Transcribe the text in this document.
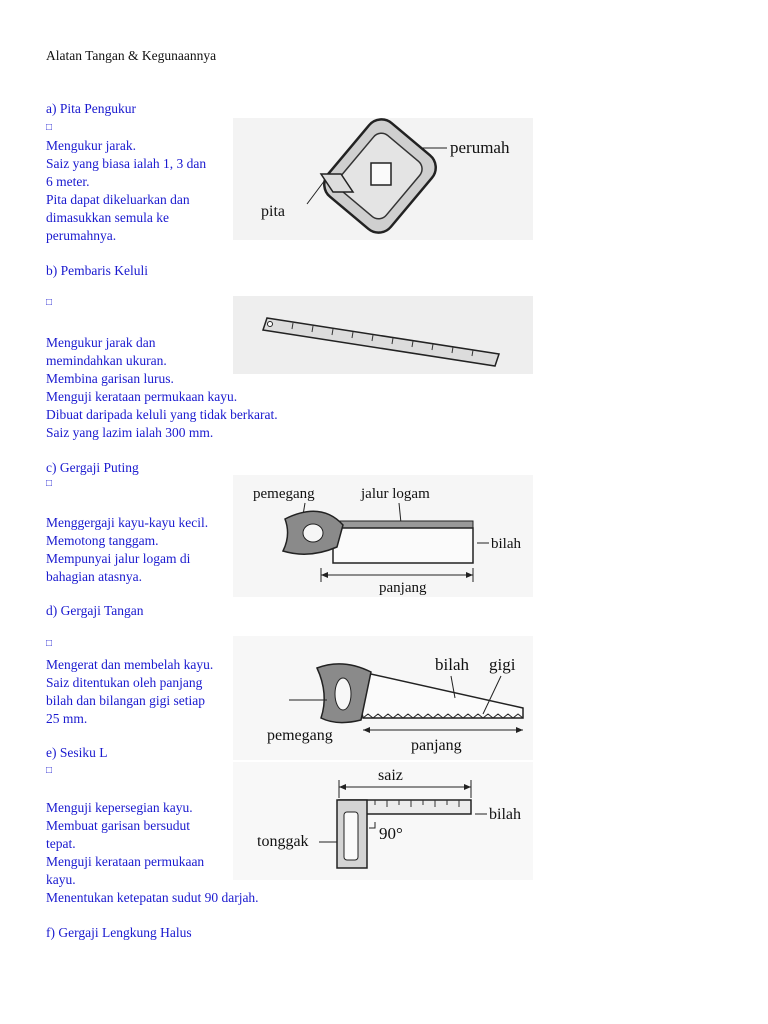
Alatan Tangan & Kegunaannya
a) Pita Pengukur
□
Mengukur jarak.
Saiz yang biasa ialah 1, 3 dan
6 meter.
Pita dapat dikeluarkan dan
dimasukkan semula ke
perumahnya.
perumah
pita
b) Pembaris Keluli
□
Mengukur jarak dan
memindahkan ukuran.
Membina garisan lurus.
Menguji kerataan permukaan kayu.
Dibuat daripada keluli yang tidak berkarat.
Saiz yang lazim ialah 300 mm.
c) Gergaji Puting
□
Menggergaji kayu-kayu kecil.
Memotong tanggam.
Mempunyai jalur logam di
bahagian atasnya.
pemegang	jalur logam
bilah
panjang
d) Gergaji Tangan
□
Mengerat dan membelah kayu.
Saiz ditentukan oleh panjang
bilah dan bilangan gigi setiap
25 mm.
bilah gigi
pemegang
panjang
e) Sesiku L
□
Menguji kepersegian kayu.
Membuat garisan bersudut
tepat.
Menguji kerataan permukaan
kayu.
Menentukan ketepatan sudut 90 darjah.
saiz
bilah
90°
tonggak
f) Gergaji Lengkung Halus
